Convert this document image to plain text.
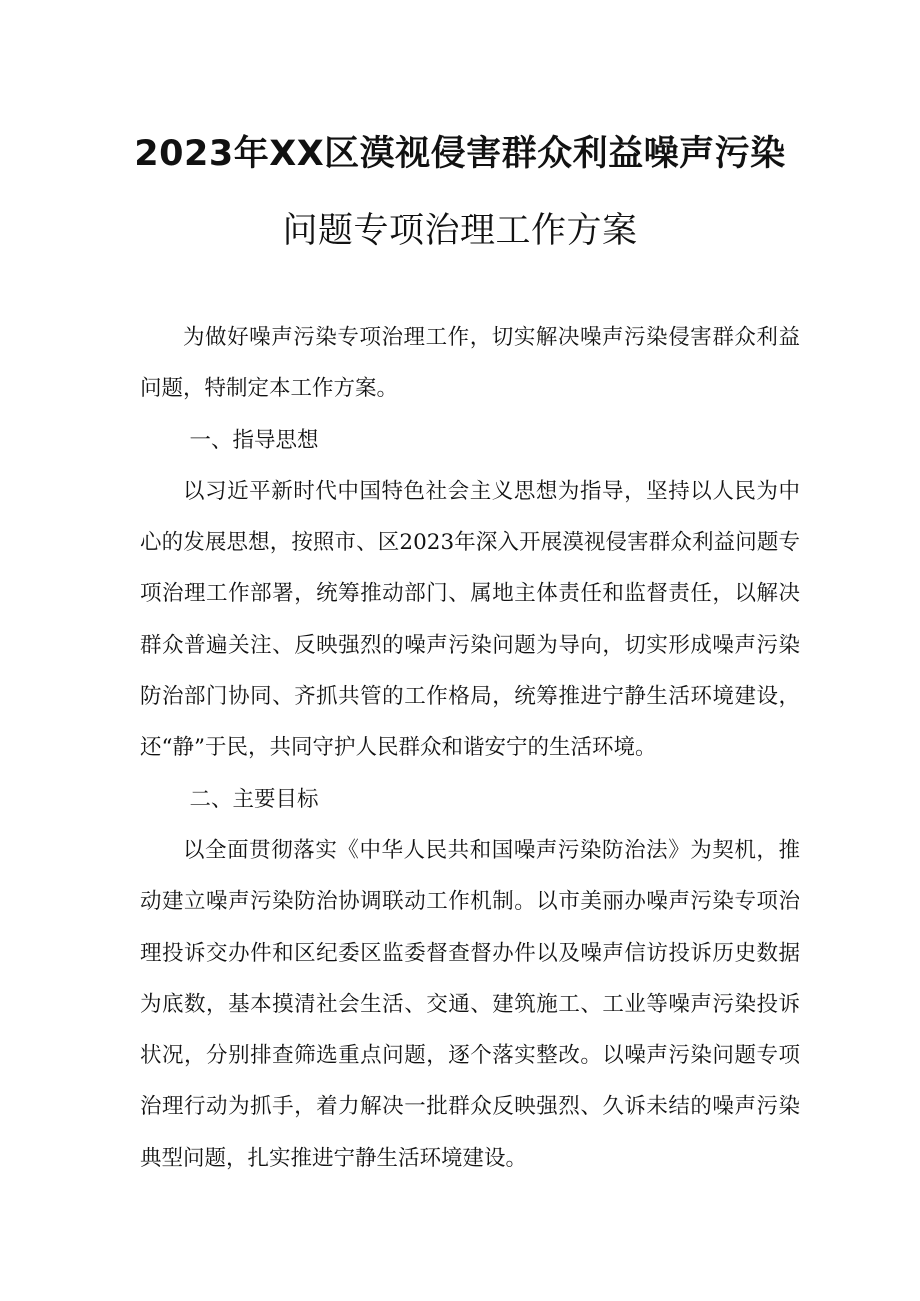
2023年XX区漠视侵害群众利益噪声污染
问题专项治理工作方案

为做好噪声污染专项治理工作，切实解决噪声污染侵害群众利益问题，特制定本工作方案。

一、指导思想

以习近平新时代中国特色社会主义思想为指导，坚持以人民为中心的发展思想，按照市、区2023年深入开展漠视侵害群众利益问题专项治理工作部署，统筹推动部门、属地主体责任和监督责任，以解决群众普遍关注、反映强烈的噪声污染问题为导向，切实形成噪声污染防治部门协同、齐抓共管的工作格局，统筹推进宁静生活环境建设，还“静”于民，共同守护人民群众和谐安宁的生活环境。

二、主要目标

以全面贯彻落实《中华人民共和国噪声污染防治法》为契机，推动建立噪声污染防治协调联动工作机制。以市美丽办噪声污染专项治理投诉交办件和区纪委区监委督查督办件以及噪声信访投诉历史数据为底数，基本摸清社会生活、交通、建筑施工、工业等噪声污染投诉状况，分别排查筛选重点问题，逐个落实整改。以噪声污染问题专项治理行动为抓手，着力解决一批群众反映强烈、久诉未结的噪声污染典型问题，扎实推进宁静生活环境建设。
